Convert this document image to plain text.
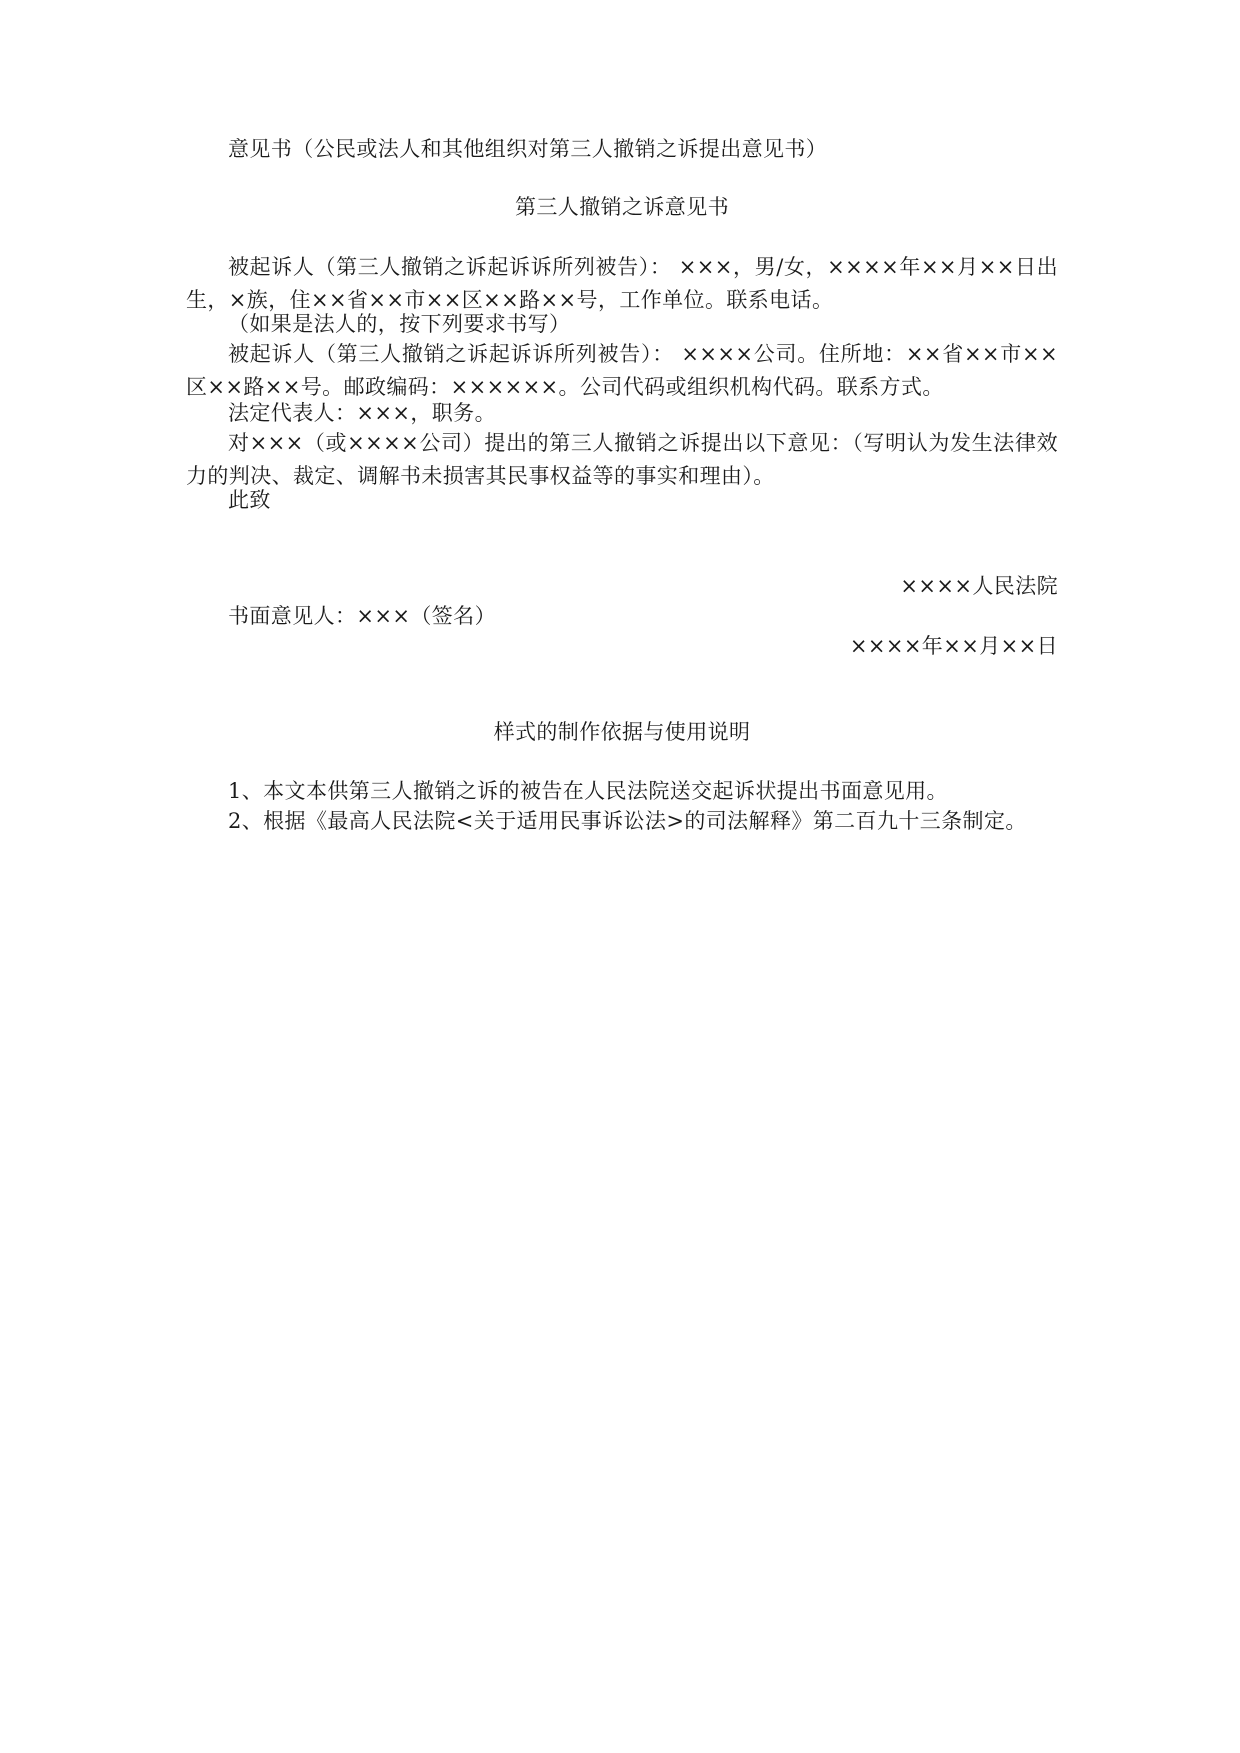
意见书（公民或法人和其他组织对第三人撤销之诉提出意见书）
第三人撤销之诉意见书

被起诉人（第三人撤销之诉起诉诉所列被告）： ×××，男/女，××××年××月××日出生，×族，住××省××市××区××路××号，工作单位。联系电话。

（如果是法人的，按下列要求书写）

被起诉人（第三人撤销之诉起诉诉所列被告）： ××××公司。住所地：××省××市××区××路××号。邮政编码：××××××。公司代码或组织机构代码。联系方式。

法定代表人：×××，职务。

对×××（或××××公司）提出的第三人撤销之诉提出以下意见：（写明认为发生法律效力的判决、裁定、调解书未损害其民事权益等的事实和理由）。

此致

××××人民法院
书面意见人：×××（签名）
××××年××月××日
样式的制作依据与使用说明
1、本文本供第三人撤销之诉的被告在人民法院送交起诉状提出书面意见用。
2、根据《最高人民法院<关于适用民事诉讼法>的司法解释》第二百九十三条制定。
